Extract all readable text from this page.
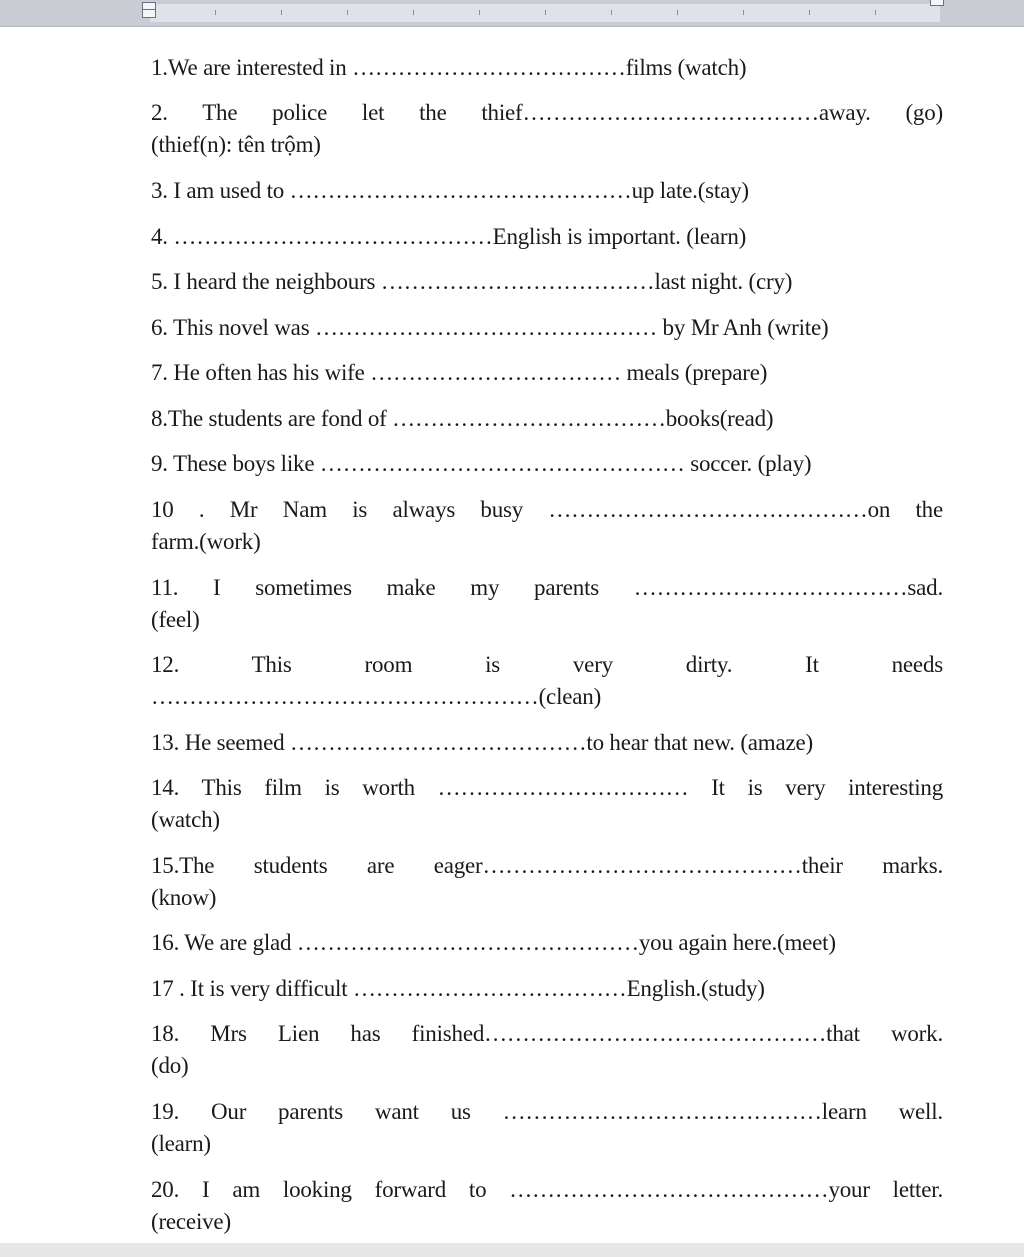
1.We are interested in ………………………………films (watch)
2. The police let the thief…………………………………away. (go)
(thief(n): tên trộm)
3. I am used to ………………………………………up late.(stay)
4. ……………………………………English is important. (learn)
5. I heard the neighbours ………………………………last night. (cry)
6. This novel was ……………………………………… by Mr Anh (write)
7. He often has his wife …………………………… meals (prepare)
8.The students are fond of ………………………………books(read)
9. These boys like ………………………………………… soccer. (play)
10 . Mr Nam is always busy ……………………………………on the
farm.(work)
11. I sometimes make my parents ………………………………sad.
(feel)
12. This room is very dirty. It needs
……………………………………………(clean)
13. He seemed …………………………………to hear that new. (amaze)
14. This film is worth …………………………… It is very interesting
(watch)
15.The students are eager……………………………………their marks.
(know)
16. We are glad ………………………………………you again here.(meet)
17 . It is very difficult ………………………………English.(study)
18. Mrs Lien has finished………………………………………that work.
(do)
19. Our parents want us ……………………………………learn well.
(learn)
20. I am looking forward to ……………………………………your letter.
(receive)
